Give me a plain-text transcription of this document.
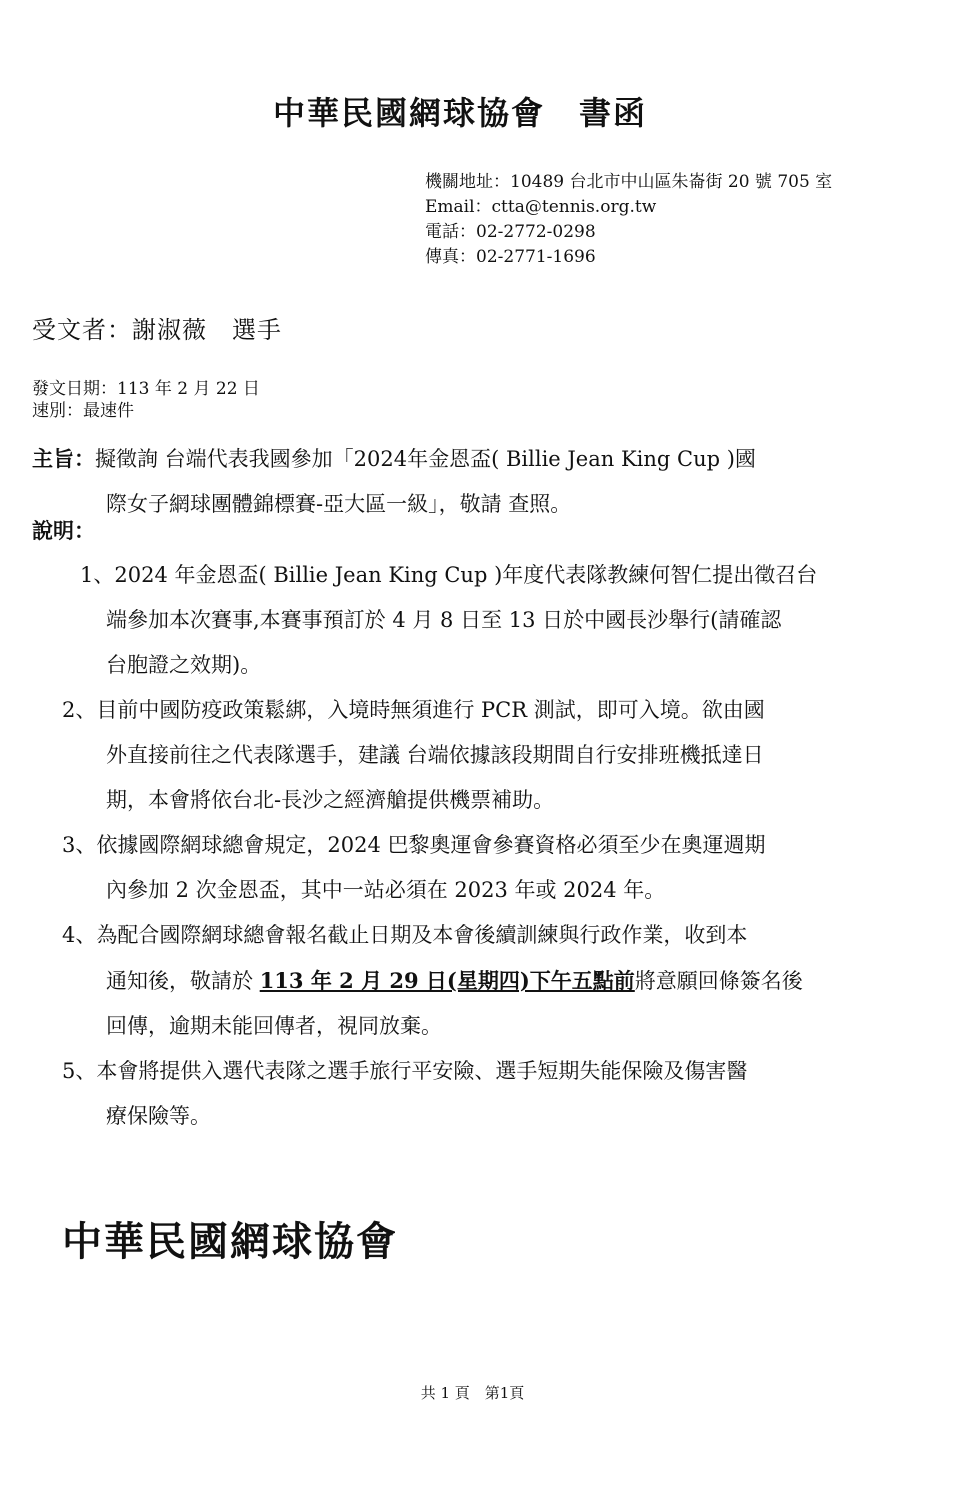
中華民國網球協會　書函
機關地址：10489 台北市中山區朱崙街 20 號 705 室
Email：ctta@tennis.org.tw
電話：02-2772-0298
傳真：02-2771-1696
受文者：謝淑薇　選手
發文日期：113 年 2 月 22 日
速別：最速件
主旨：擬徵詢 台端代表我國參加「2024年金恩盃( Billie Jean King Cup )國
際女子網球團體錦標賽-亞大區一級」，敬請 查照。
說明：
1、2024 年金恩盃( Billie Jean King Cup )年度代表隊教練何智仁提出徵召台
端參加本次賽事,本賽事預訂於 4 月 8 日至 13 日於中國長沙舉行(請確認
台胞證之效期)。
2、目前中國防疫政策鬆綁，入境時無須進行 PCR 測試，即可入境。欲由國
外直接前往之代表隊選手，建議 台端依據該段期間自行安排班機抵達日
期，本會將依台北-長沙之經濟艙提供機票補助。
3、依據國際網球總會規定，2024 巴黎奧運會參賽資格必須至少在奧運週期
內參加 2 次金恩盃，其中一站必須在 2023 年或 2024 年。
4、為配合國際網球總會報名截止日期及本會後續訓練與行政作業，收到本
通知後，敬請於 113 年 2 月 29 日(星期四)下午五點前將意願回條簽名後
回傳，逾期未能回傳者，視同放棄。
5、本會將提供入選代表隊之選手旅行平安險、選手短期失能保險及傷害醫
療保險等。
中華民國網球協會
共 1 頁　第1頁
